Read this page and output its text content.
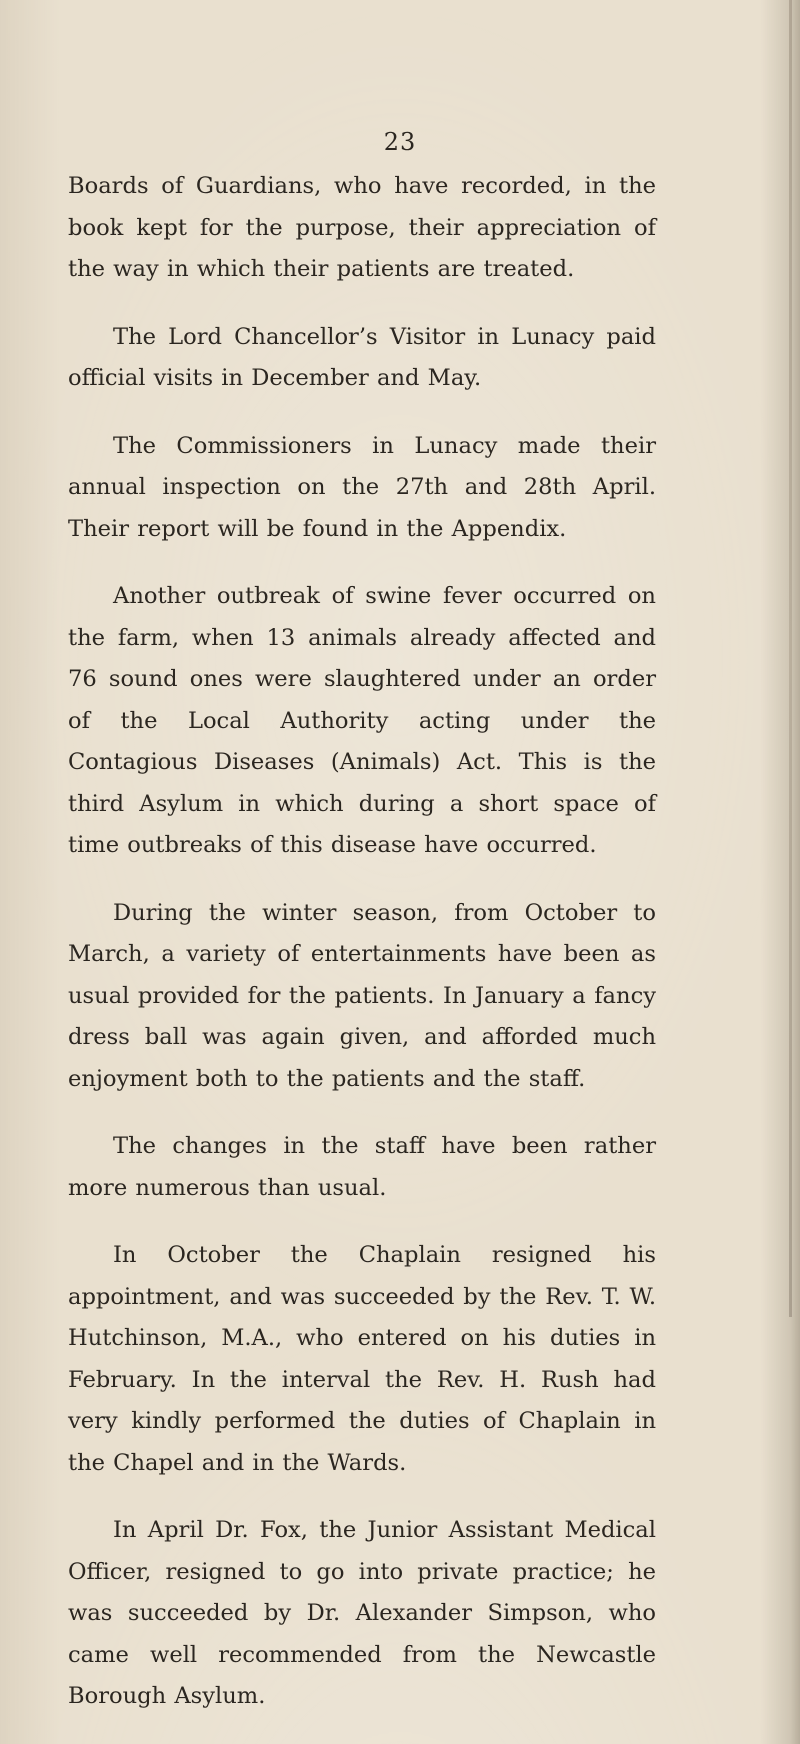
23

Boards of Guardians, who have recorded, in the book kept for the purpose, their appreciation of the way in which their patients are treated.

The Lord Chancellor’s Visitor in Lunacy paid official visits in December and May.

The Commissioners in Lunacy made their annual inspection on the 27th and 28th April. Their report will be found in the Appendix.

Another outbreak of swine fever occurred on the farm, when 13 animals already affected and 76 sound ones were slaughtered under an order of the Local Authority acting under the Contagious Diseases (Animals) Act. This is the third Asylum in which during a short space of time outbreaks of this disease have occurred.

During the winter season, from October to March, a variety of entertainments have been as usual provided for the patients. In January a fancy dress ball was again given, and afforded much enjoyment both to the patients and the staff.

The changes in the staff have been rather more numerous than usual.

In October the Chaplain resigned his appointment, and was succeeded by the Rev. T. W. Hutchinson, M.A., who entered on his duties in February. In the interval the Rev. H. Rush had very kindly performed the duties of Chaplain in the Chapel and in the Wards.

In April Dr. Fox, the Junior Assistant Medical Officer, resigned to go into private practice; he was succeeded by Dr. Alexander Simpson, who came well recommended from the Newcastle Borough Asylum.
